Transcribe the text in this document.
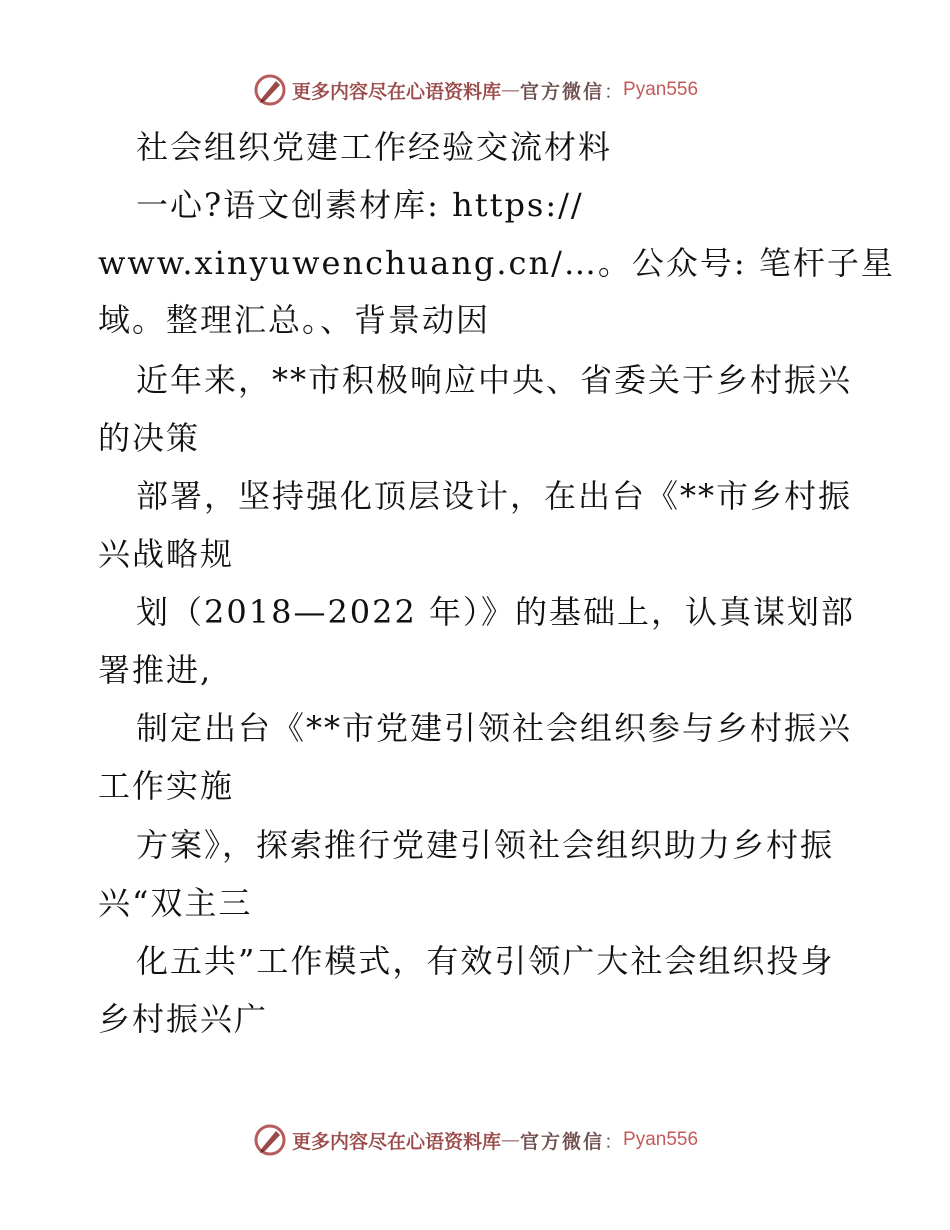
更多内容尽在心语资料库 — 官方微信 ： Pyan556
社会组织党建工作经验交流材料
一心?语文创素材库: https://
www.xinyuwenchuang.cn/…。公众号: 笔杆子星
域。整理汇总。、背景动因
近年来，**市积极响应中央、省委关于乡村振兴
的决策
部署，坚持强化顶层设计，在出台《**市乡村振
兴战略规
划（2018—2022 年）》的基础上，认真谋划部
署推进,
制定出台《**市党建引领社会组织参与乡村振兴
工作实施
方案》，探索推行党建引领社会组织助力乡村振
兴“双主三
化五共”工作模式，有效引领广大社会组织投身
乡村振兴广
更多内容尽在心语资料库 — 官方微信 ： Pyan556
